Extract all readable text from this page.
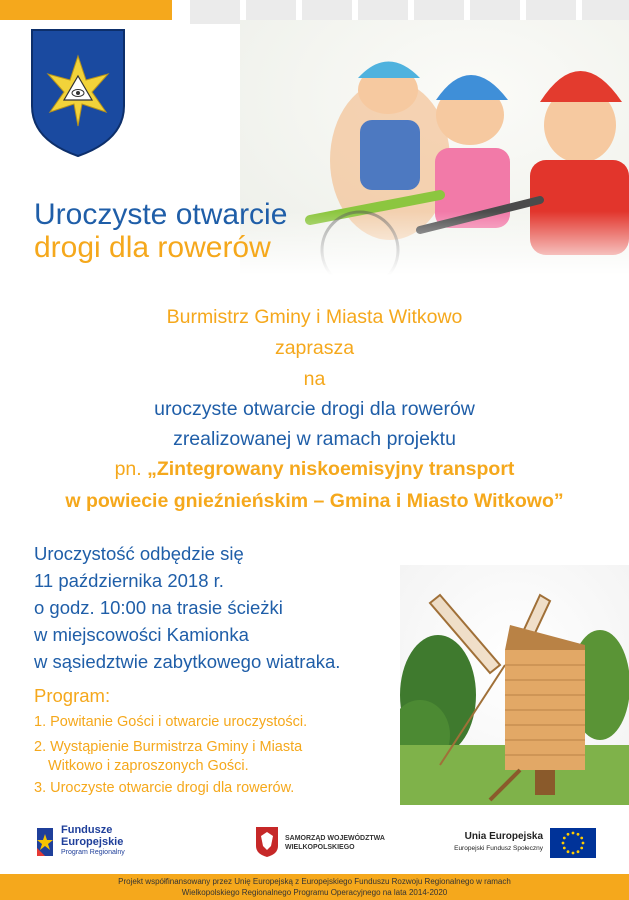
Uroczyste otwarcie
drogi dla rowerów
Burmistrz Gminy i Miasta Witkowo
zaprasza
na
uroczyste otwarcie drogi dla rowerów
zrealizowanej w ramach projektu
pn. „Zintegrowany niskoemisyjny transport
w powiecie gnieźnieńskim – Gmina i Miasto Witkowo”
Uroczystość odbędzie się
11 października 2018 r.
o godz. 10:00 na trasie ścieżki
w miejscowości Kamionka
w sąsiedztwie zabytkowego wiatraka.
Program:
1. Powitanie Gości i otwarcie uroczystości.
2. Wystąpienie Burmistrza Gminy i Miasta
Witkowo i zaproszonych Gości.
3. Uroczyste otwarcie drogi dla rowerów.
Fundusze
Europejskie
Program Regionalny
SAMORZĄD WOJEWÓDZTWA
WIELKOPOLSKIEGO
Unia Europejska
Europejski Fundusz Społeczny
Projekt współfinansowany przez Unię Europejską z Europejskiego Funduszu Rozwoju Regionalnego w ramach
Wielkopolskiego Regionalnego Programu Operacyjnego na lata 2014-2020
